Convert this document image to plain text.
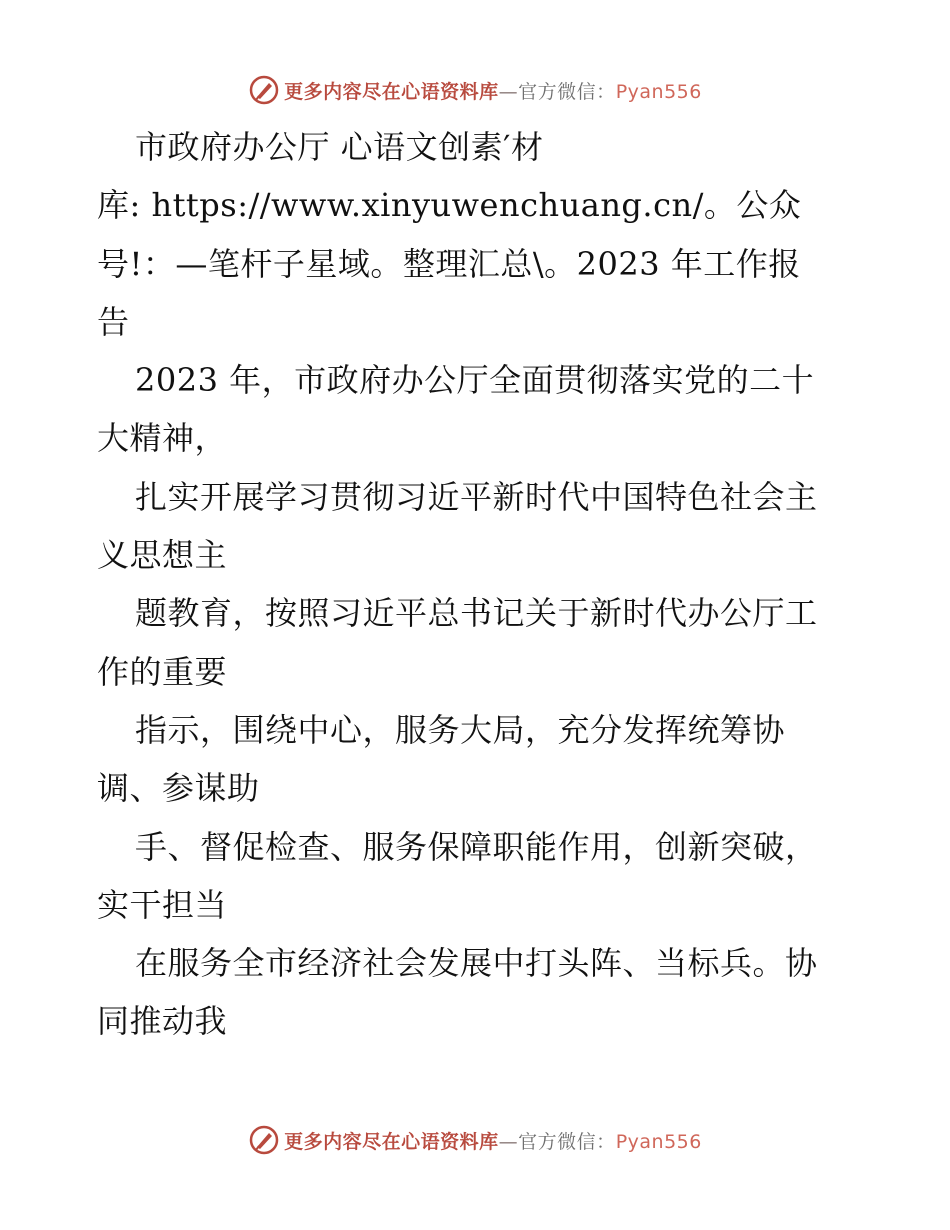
更多内容尽在心语资料库—官方微信：Pyan556
市政府办公厅 心语文创素′材
库: https://www.xinyuwenchuang.cn/。公众
号!：—笔杆子星域。整理汇总\。2023 年工作报
告
2023 年，市政府办公厅全面贯彻落实党的二十
大精神，
扎实开展学习贯彻习近平新时代中国特色社会主
义思想主
题教育，按照习近平总书记关于新时代办公厅工
作的重要
指示，围绕中心，服务大局，充分发挥统筹协
调、参谋助
手、督促检查、服务保障职能作用，创新突破，
实干担当
在服务全市经济社会发展中打头阵、当标兵。协
同推动我
更多内容尽在心语资料库—官方微信：Pyan556
